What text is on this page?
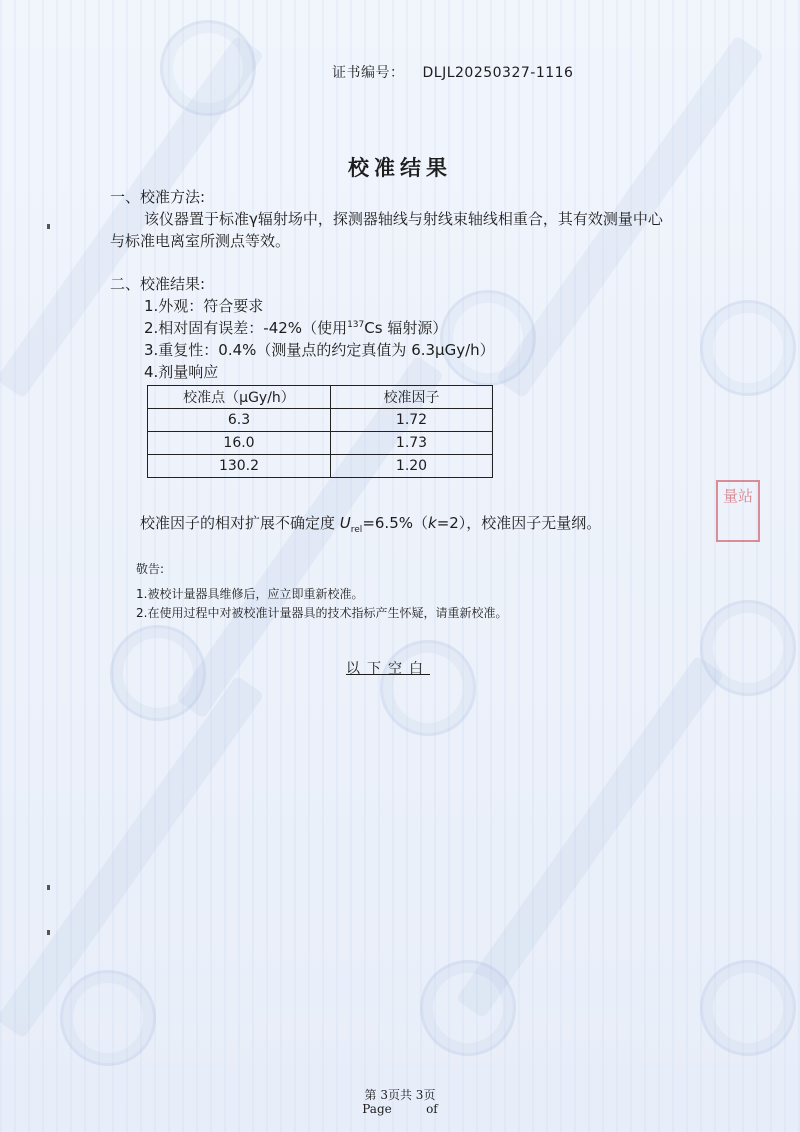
证书编号： DLJL20250327-1116
校准结果
一、校准方法:
该仪器置于标准γ辐射场中，探测器轴线与射线束轴线相重合，其有效测量中心
与标准电离室所测点等效。
二、校准结果:
1.外观：符合要求
2.相对固有误差：-42%（使用$^{137}$Cs 辐射源）
3.重复性：0.4%（测量点的约定真值为 6.3μGy/h）
4.剂量响应
校准点（μGy/h）	校准因子
6.3	1.72
16.0	1.73
130.2	1.20
校准因子的相对扩展不确定度 $U_{rel}=6.5\%(k=2)$，校准因子无量纲。
敬告:
1.被校计量器具维修后，应立即重新校准。
2.在使用过程中对被校准计量器具的技术指标产生怀疑，请重新校准。
以下空白
量站
第 3页共 3页
Page	of
